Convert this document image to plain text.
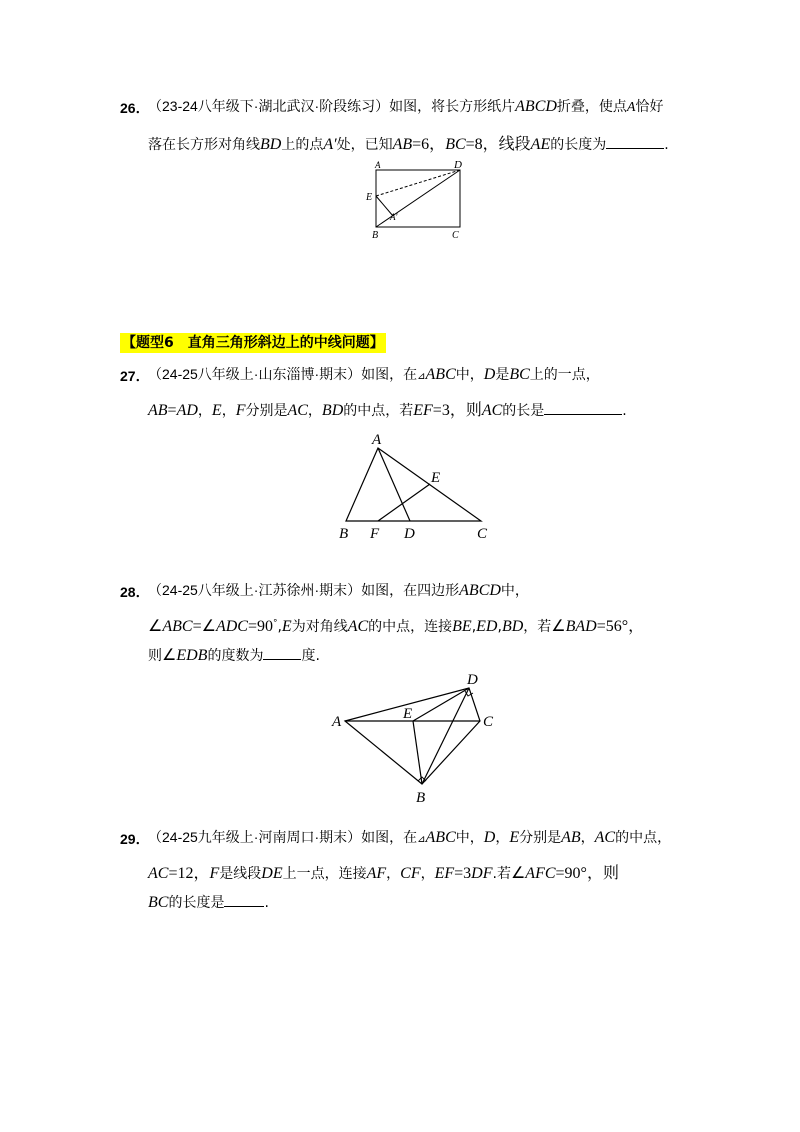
26．
（23-24八年级下·湖北武汉·阶段练习）如图，将长方形纸片ABCD折叠，使点A恰好
落在长方形对角线BD上的点A′处，已知AB=6，BC=8，线段AE的长度为	.
A	D
E
A′
B	C
【题型6　直角三角形斜边上的中线问题】
27．
（24-25八年级上·山东淄博·期末）如图，在⊿ABC中，D是BC上的一点，
AB=AD，E，F分别是AC，BD的中点，若EF=3，则AC的长是	.
A
E
B F D	C
28．
（24-25八年级上·江苏徐州·期末）如图，在四边形ABCD中，
∠ABC=∠ADC=90°,E为对角线AC的中点，连接BE,ED,BD，若∠BAD=56°，
则∠EDB的度数为	度.
D
A	E	C
B
29．
（24-25九年级上·河南周口·期末）如图，在⊿ABC中，D，E分别是AB，AC的中点，
AC=12，F是线段DE上一点，连接AF，CF，EF=3DF.若∠AFC=90°，则
BC的长度是	.
